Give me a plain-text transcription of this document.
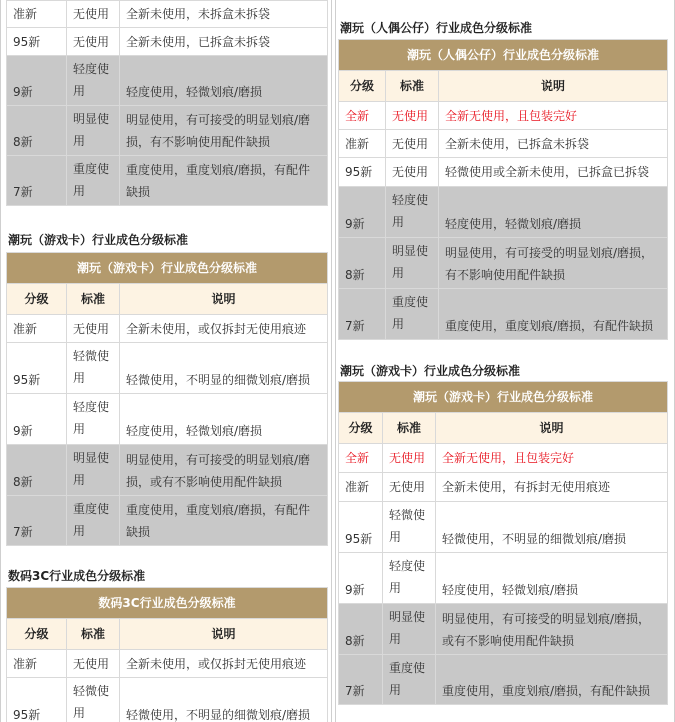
准新	无使用	全新未使用，未拆盒未拆袋
95新	无使用	全新未使用，已拆盒未拆袋
9新	轻度使用	轻度使用，轻微划痕/磨损
8新	明显使用	明显使用，有可接受的明显划痕/磨损，有不影响使用配件缺损
7新	重度使用	重度使用，重度划痕/磨损，有配件缺损
潮玩（游戏卡）行业成色分级标准
潮玩（游戏卡）行业成色分级标准		
分级	标准	说明
准新	无使用	全新未使用，或仅拆封无使用痕迹
95新	轻微使用	轻微使用，不明显的细微划痕/磨损
9新	轻度使用	轻度使用，轻微划痕/磨损
8新	明显使用	明显使用，有可接受的明显划痕/磨损，或有不影响使用配件缺损
7新	重度使用	重度使用，重度划痕/磨损，有配件缺损
数码3C行业成色分级标准
数码3C行业成色分级标准		
分级	标准	说明
准新	无使用	全新未使用，或仅拆封无使用痕迹
95新	轻微使用	轻微使用，不明显的细微划痕/磨损
潮玩（人偶公仔）行业成色分级标准
潮玩（人偶公仔）行业成色分级标准		
分级	标准	说明
全新	无使用	全新无使用，且包装完好
准新	无使用	全新未使用，已拆盒未拆袋
95新	无使用	轻微使用或全新未使用，已拆盒已拆袋
9新	轻度使用	轻度使用，轻微划痕/磨损
8新	明显使用	明显使用，有可接受的明显划痕/磨损，有不影响使用配件缺损
7新	重度使用	重度使用，重度划痕/磨损，有配件缺损
潮玩（游戏卡）行业成色分级标准
潮玩（游戏卡）行业成色分级标准		
分级	标准	说明
全新	无使用	全新无使用，且包装完好
准新	无使用	全新未使用，有拆封无使用痕迹
95新	轻微使用	轻微使用，不明显的细微划痕/磨损
9新	轻度使用	轻度使用，轻微划痕/磨损
8新	明显使用	明显使用，有可接受的明显划痕/磨损，或有不影响使用配件缺损
7新	重度使用	重度使用，重度划痕/磨损，有配件缺损
